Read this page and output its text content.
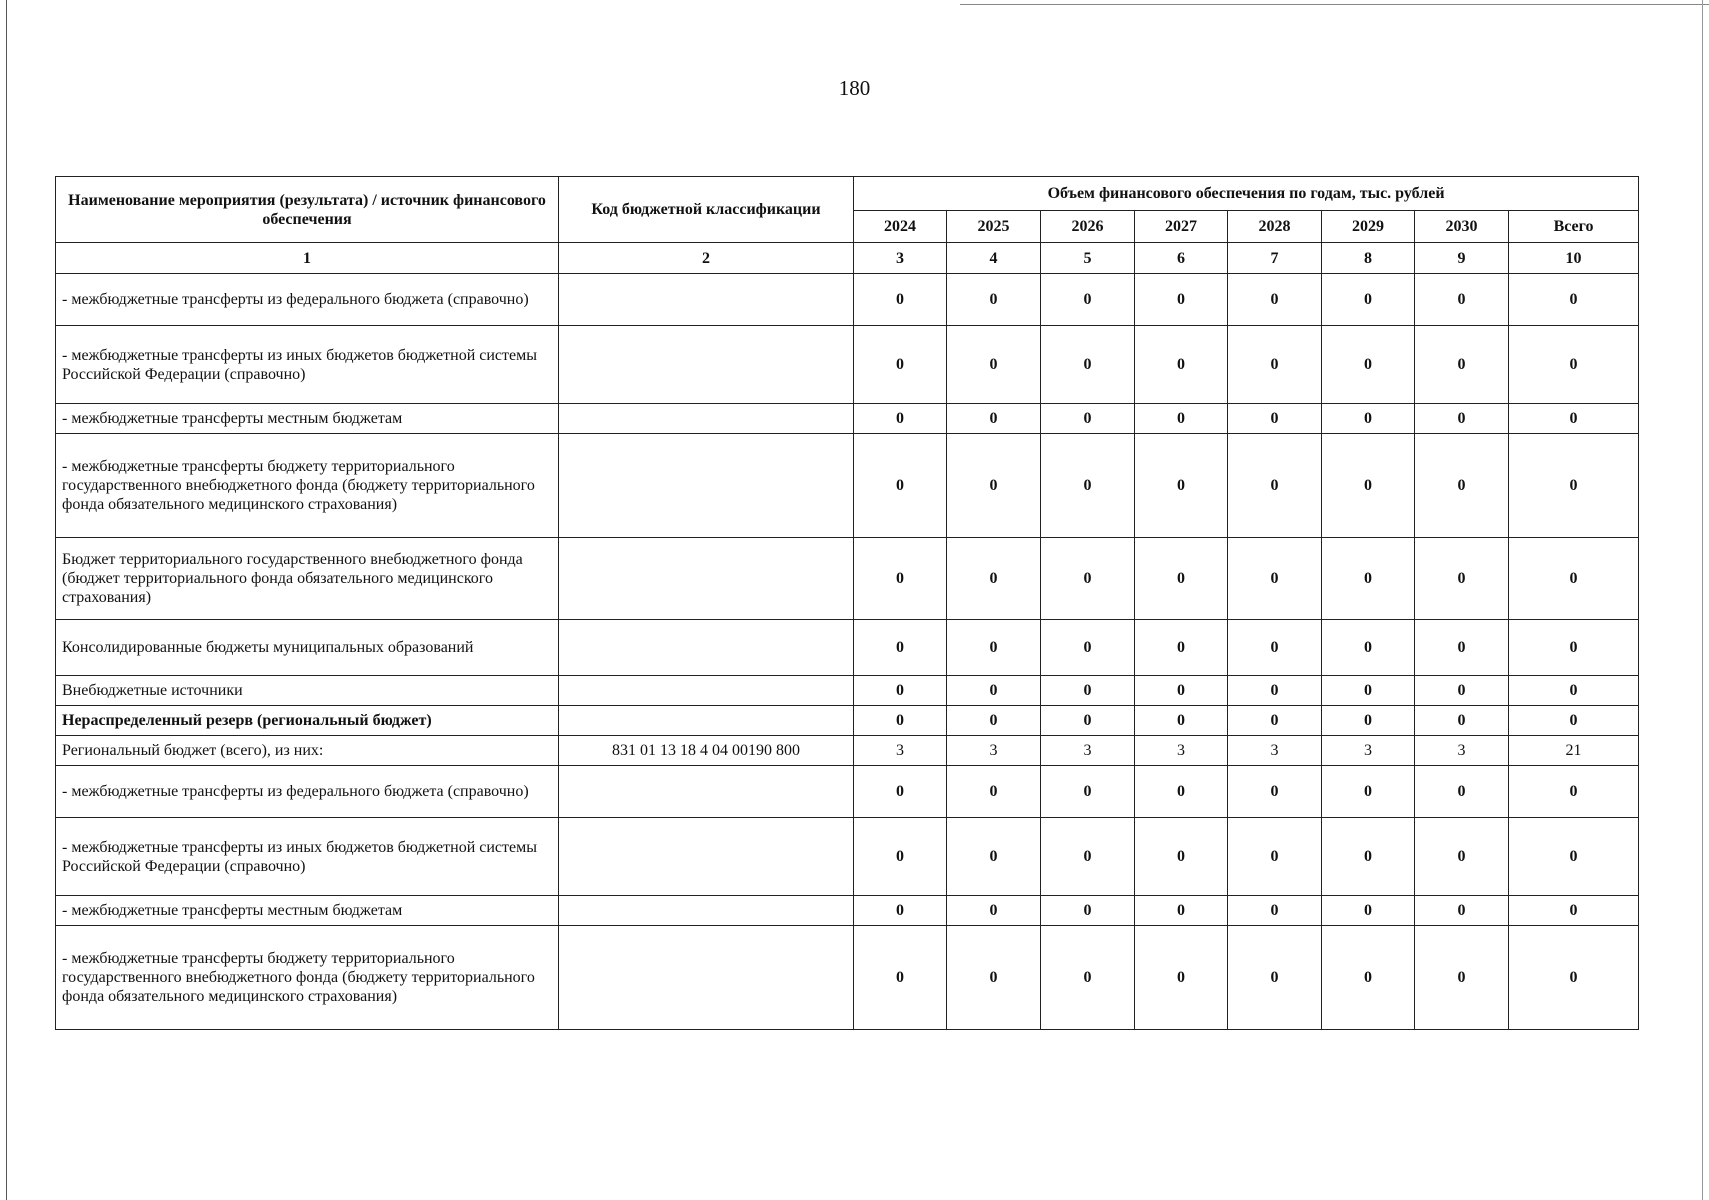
180
Наименование мероприятия (результата) / источник финансового обеспечения	Код бюджетной классификации	Объем финансового обеспечения по годам, тыс. рублей							
		2024	2025	2026	2027	2028	2029	2030	Всего
1	2	3	4	5	6	7	8	9	10
- межбюджетные трансферты из федерального бюджета (справочно)		0	0	0	0	0	0	0	0
- межбюджетные трансферты из иных бюджетов бюджетной системы Российской Федерации (справочно)		0	0	0	0	0	0	0	0
- межбюджетные трансферты местным бюджетам		0	0	0	0	0	0	0	0
- межбюджетные трансферты бюджету территориального государственного внебюджетного фонда (бюджету территориального фонда обязательного медицинского страхования)		0	0	0	0	0	0	0	0
Бюджет территориального государственного внебюджетного фонда (бюджет территориального фонда обязательного медицинского страхования)		0	0	0	0	0	0	0	0
Консолидированные бюджеты муниципальных образований		0	0	0	0	0	0	0	0
Внебюджетные источники		0	0	0	0	0	0	0	0
Нераспределенный резерв (региональный бюджет)		0	0	0	0	0	0	0	0
Региональный бюджет (всего), из них:	831 01 13 18 4 04 00190 800	3	3	3	3	3	3	3	21
- межбюджетные трансферты из федерального бюджета (справочно)		0	0	0	0	0	0	0	0
- межбюджетные трансферты из иных бюджетов бюджетной системы Российской Федерации (справочно)		0	0	0	0	0	0	0	0
- межбюджетные трансферты местным бюджетам		0	0	0	0	0	0	0	0
- межбюджетные трансферты бюджету территориального государственного внебюджетного фонда (бюджету территориального фонда обязательного медицинского страхования)		0	0	0	0	0	0	0	0
